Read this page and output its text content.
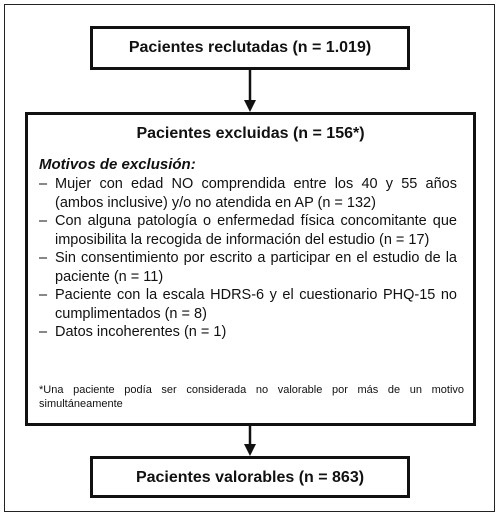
Pacientes reclutadas (n = 1.019)
Pacientes excluidas (n = 156*)
Motivos de exclusión:
– Mujer con edad NO comprendida entre los 40 y 55 años (ambos inclusive) y/o no atendida en AP (n = 132)
– Con alguna patología o enfermedad física concomitante que imposibilita la recogida de información del estudio (n = 17)
– Sin consentimiento por escrito a participar en el estudio de la paciente (n = 11)
– Paciente con la escala HDRS-6 y el cuestionario PHQ-15 no cumplimentados (n = 8)
– Datos incoherentes (n = 1)
*Una paciente podía ser considerada no valorable por más de un motivo simultáneamente
Pacientes valorables (n = 863)
